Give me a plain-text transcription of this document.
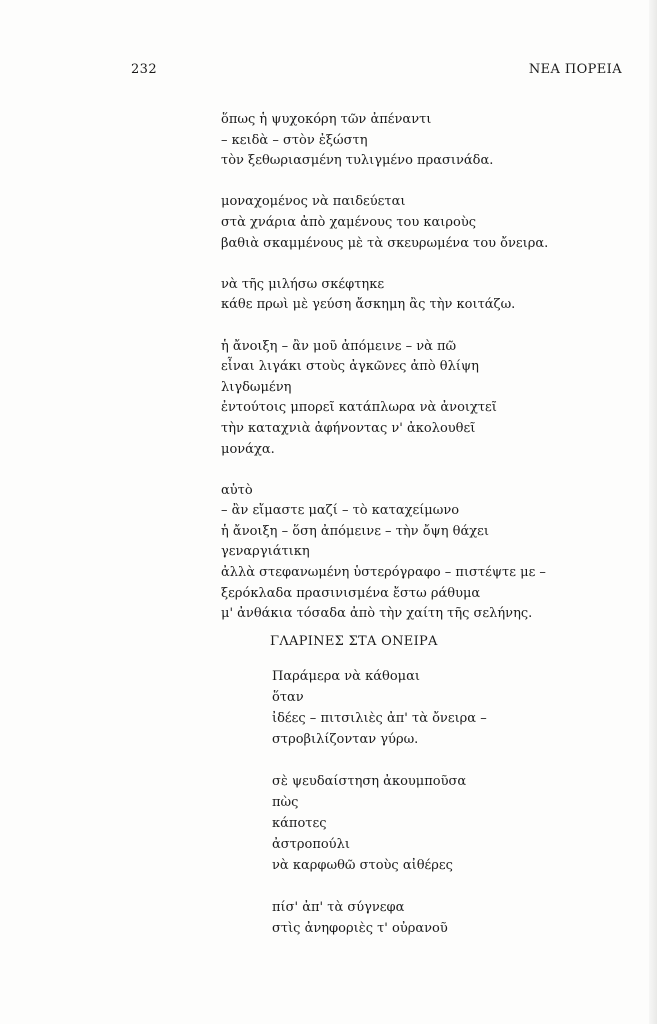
232	ΝΕΑ ΠΟΡΕΙΑ
ὅπως ἡ ψυχοκόρη τῶν ἀπέναντι
– κειδὰ – στὸν ἐξώστη
τὸν ξεθωριασμένη τυλιγμένο πρασινάδα.
μοναχομένος νὰ παιδεύεται
στὰ χνάρια ἀπὸ χαμένους του καιροὺς
βαθιὰ σκαμμένους μὲ τὰ σκευρωμένα του ὄνειρα.
νὰ τῆς μιλήσω σκέφτηκε
κάθε πρωὶ μὲ γεύση ἄσκημη ἂς τὴν κοιτάζω.
ἡ ἄνοιξη – ἂν μοῦ ἀπόμεινε – νὰ πῶ
εἶναι λιγάκι στοὺς ἀγκῶνες ἀπὸ θλίψη
λιγδωμένη
ἐντούτοις μπορεῖ κατάπλωρα νὰ ἀνοιχτεῖ
τὴν καταχνιὰ ἀφήνοντας ν' ἀκολουθεῖ
μονάχα.
αὐτὸ
– ἂν εἴμαστε μαζί – τὸ καταχείμωνο
ἡ ἄνοιξη – ὅση ἀπόμεινε – τὴν ὄψη θάχει
γεναργιάτικη
ἀλλὰ στεφανωμένη ὑστερόγραφο – πιστέψτε με –
ξερόκλαδα πρασινισμένα ἔστω ράθυμα
μ' ἀνθάκια τόσαδα ἀπὸ τὴν χαίτη τῆς σελήνης.
ΓΛΑΡΙΝΕΣ ΣΤΑ ΟΝΕΙΡΑ
Παράμερα νὰ κάθομαι
ὅταν
ἰδέες – πιτσιλιὲς ἀπ' τὰ ὄνειρα –
στροβιλίζονταν γύρω.
σὲ ψευδαίστηση ἀκουμποῦσα
πὼς
κάποτες
ἀστροπούλι
νὰ καρφωθῶ στοὺς αἰθέρες
πίσ' ἀπ' τὰ σύγνεφα
στὶς ἀνηφοριὲς τ' οὐρανοῦ
